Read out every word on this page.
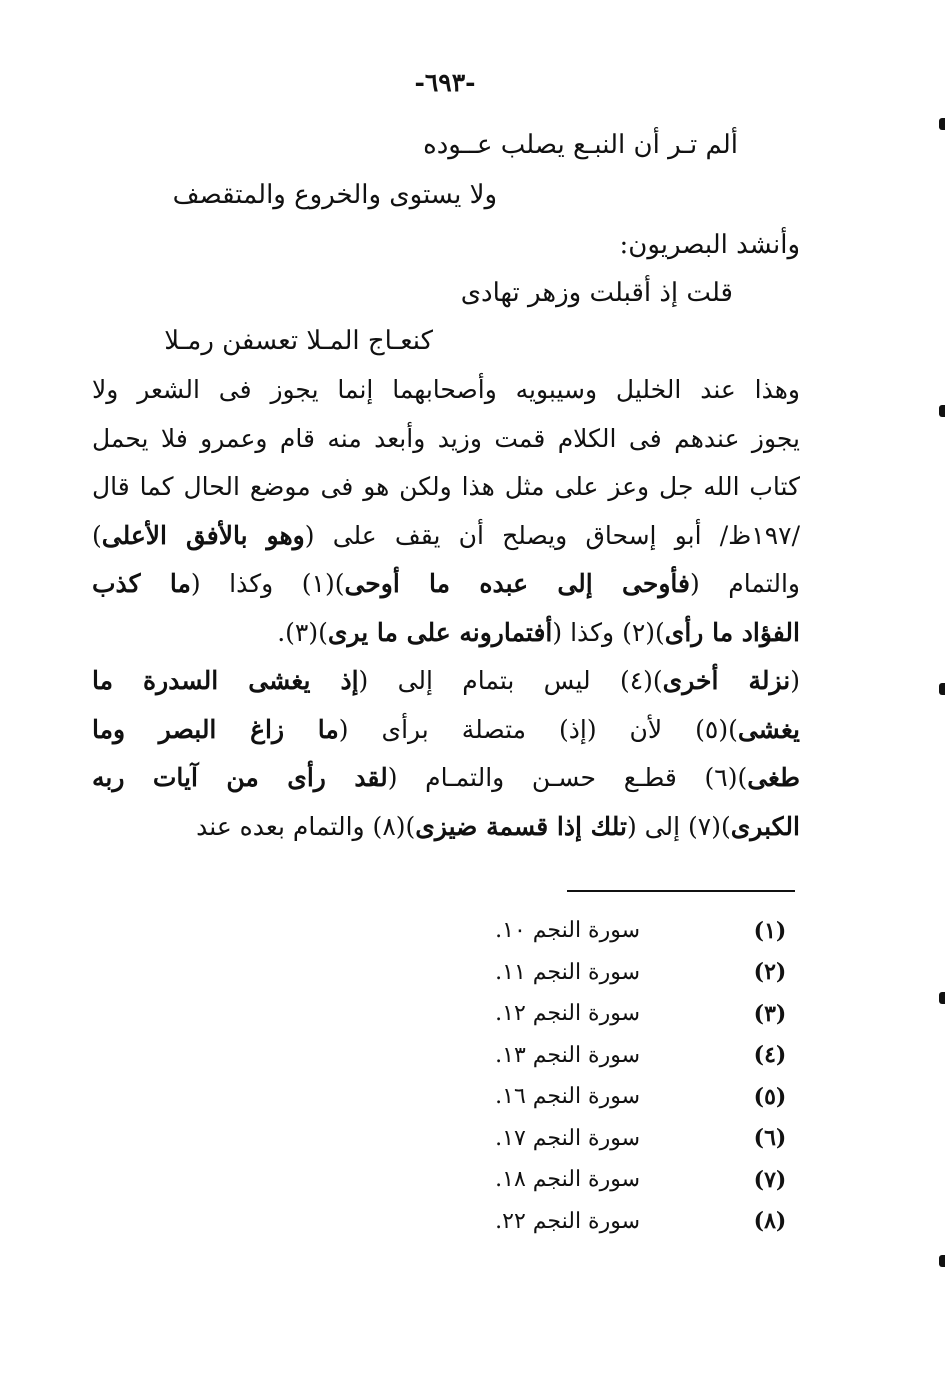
-٦٩٣-
ألم تـر أن النبـع يصلب عــوده
ولا يستوى والخروع والمتقصف
وأنشد البصريون:
قلت إذ أقبلت وزهر تهادى
كنعـاج المـلا تعسفن رمـلا
وهذا عند الخليل وسيبويه وأصحابهما إنما يجوز فى الشعر ولا
يجوز عندهم فى الكلام قمت وزيد وأبعد منه قام وعمرو فلا يحمل
كتاب الله جل وعز على مثل هذا ولكن هو فى موضع الحال كما قال
/١٩٧ظ/ أبو إسحاق ويصلح أن يقف على (وهو بالأفق الأعلى)
والتمام (فأوحى إلى عبده ما أوحى)(١) وكذا (ما كذب
الفؤاد ما رأى)(٢) وكذا (أفتمارونه على ما يرى)(٣).
(نزلة أخرى)(٤) ليس بتمام إلى (إذ يغشى السدرة ما
يغشى)(٥) لأن (إذ) متصلة برأى (ما زاغ البصر وما
طغى)(٦) قطـع حسـن والتمـام (لقد رأى من آيات ربه
الكبرى)(٧) إلى (تلك إذا قسمة ضيزى)(٨) والتمام بعده عند
(١)
سورة النجم ١٠.
(٢)
سورة النجم ١١.
(٣)
سورة النجم ١٢.
(٤)
سورة النجم ١٣.
(٥)
سورة النجم ١٦.
(٦)
سورة النجم ١٧.
(٧)
سورة النجم ١٨.
(٨)
سورة النجم ٢٢.
